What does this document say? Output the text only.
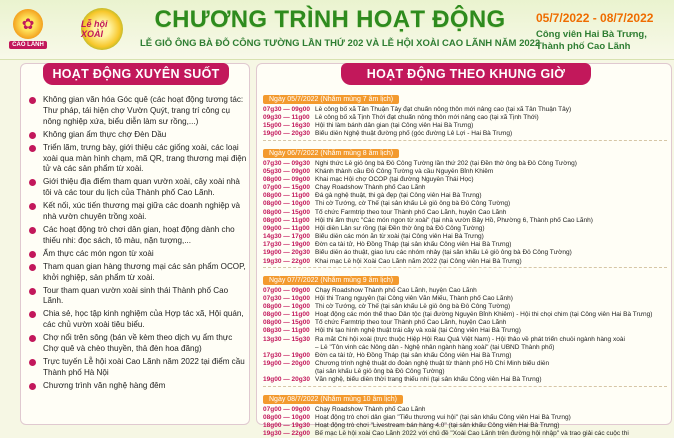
✿
CAO LÃNH
Lễ hội XOÀI
CHƯƠNG TRÌNH HOẠT ĐỘNG
LỄ GIỖ ÔNG BÀ ĐỖ CÔNG TƯỜNG LẦN THỨ 202 VÀ LỄ HỘI XOÀI CAO LÃNH NĂM 2022
05/7/2022 - 08/7/2022
Công viên Hai Bà Trưng,
Thành phố Cao Lãnh
HOẠT ĐỘNG XUYÊN SUỐT
Không gian văn hóa Góc quê (các hoạt động tương tác: Thư pháp, tái hiện chợ Vườn Quýt, trang trí công cụ nông nghiệp xứa, biểu diễn làm sư rồng,...)
Không gian ẩm thực chợ Đèn Dầu
Triển lãm, trưng bày, giới thiệu các giống xoài, các loại xoài qua màn hình chạm, mã QR, trang thương mại điện tử và các sản phẩm từ xoài.
Giới thiệu địa điểm tham quan vườn xoài, cây xoài nhà tôi và các tour du lịch của Thành phố Cao Lãnh.
Kết nối, xúc tiến thương mại giữa các doanh nghiệp và nhà vườn chuyên trồng xoài.
Các hoạt động trò chơi dân gian, hoạt động dành cho thiếu nhi: đọc sách, tô màu, nặn tượng,...
Ẩm thực các món ngon từ xoài
Tham quan gian hàng thương mại các sản phẩm OCOP, khởi nghiệp, sản phẩm từ xoài.
Tour tham quan vườn xoài sinh thái Thành phố Cao Lãnh.
Chia sẻ, học tập kinh nghiệm của Hợp tác xã, Hội quán, các chủ vườn xoài tiêu biểu.
Chợ nổi trên sông (bán về kèm theo dịch vụ ẩm thực Chợ quê và chèo thuyền, thả đèn hoa đăng)
Trực tuyến Lễ hội xoài Cao Lãnh năm 2022 tại điểm cầu Thành phố Hà Nội
Chương trình văn nghệ hàng đêm
HOẠT ĐỘNG THEO KHUNG GIỜ
Ngày 05/7/2022 (Nhằm mùng 7 âm lịch)
07g30 — 09g00 Lễ công bố xã Tân Thuận Tây đạt chuẩn nông thôn mới nâng cao (tại xã Tân Thuận Tây)
09g30 — 11g00 Lễ công bố xã Tịnh Thới đạt chuẩn nông thôn mới nâng cao (tại xã Tịnh Thới)
15g00 — 16g30 Hội thi làm bánh dân gian (tại Công viên Hai Bà Trưng)
19g00 — 20g30 Biểu diễn Nghệ thuật đường phố (góc đường Lê Lợi - Hai Bà Trưng)
Ngày 06/7/2022 (Nhằm mùng 8 âm lịch)
07g30 — 09g30 Nghi thức Lễ giỗ ông bà Đỗ Công Tường lần thứ 202 (tại Đền thờ ông bà Đỗ Công Tường)
05g30 — 09g00 Khánh thành cầu Đỗ Công Tường và cầu Nguyễn Bỉnh Khiêm
08g00 — 09g00 Khai mạc Hội chợ OCOP (tại đường Nguyễn Thái Học)
07g00 — 15g00 Chạy Roadshow Thành phố Cao Lãnh
08g00 — 11g00 Đá gà nghệ thuật, thi gà đẹp (tại Công viên Hai Bà Trưng)
08g00 — 10g00 Thi cờ Tướng, cờ Thế (tại sân khấu Lễ giỗ ông bà Đỗ Công Tường)
08g00 — 15g00 Tổ chức Farmtrip theo tour Thành phố Cao Lãnh, huyện Cao Lãnh
08g00 — 11g00 Hội thi ẩm thực "Các món ngon từ xoài" (tại nhà vườn Bảy Hồ, Phường 6, Thành phố Cao Lãnh)
09g00 — 11g00 Hội diễn Lân sư rồng (tại Đền thờ ông bà Đỗ Công Tường)
14g30 — 17g00 Biểu diễn các món ăn từ xoài (tại Công viên Hai Bà Trưng)
17g30 — 19g00 Đờn ca tài tử, Hò Đồng Tháp (tại sân khấu Công viên Hai Bà Trưng)
19g00 — 20g30 Biểu diễn áo thuật, giao lưu các nhóm nhảy (tại sân khấu Lễ giỗ ông bà Đỗ Công Tường)
19g30 — 22g00 Khai mạc Lễ hội Xoài Cao Lãnh năm 2022 (tại Công viên Hai Bà Trưng)
Ngày 07/7/2022 (Nhằm mùng 9 âm lịch)
07g00 — 09g00 Chạy Roadshow Thành phố Cao Lãnh, huyện Cao Lãnh
07g30 — 10g00 Hội thi Trang nguyên (tại Công viên Văn Miếu, Thành phố Cao Lãnh)
08g00 — 10g00 Thi cờ Tướng, cờ Thế (tại sân khấu Lễ giỗ ông bà Đỗ Công Tường)
08g00 — 11g00 Hoạt động các món thể thao Dân tộc (tại đường Nguyễn Bỉnh Khiêm) - Hội thi chọi chim (tại Công viên Hai Bà Trưng)
08g00 — 15g00 Tổ chức Farmtrip theo tour Thành phố Cao Lãnh, huyện Cao Lãnh
08g30 — 11g00 Hội thi tạo hình nghệ thuật trái cây và xoài (tại Công viên Hai Bà Trưng)
13g30 — 15g30 Ra mắt Chi hội xoài (trực thuộc Hiệp Hội Rau Quả Việt Nam) - Hội thảo về phát triển chuỗi ngành hàng xoài
– Lễ "Tôn vinh các Nông dân - Nghệ nhân ngành hàng xoài" (tại UBND Thành phố)
17g30 — 19g00 Đờn ca tài tử, Hò Đồng Tháp (tại sân khấu Công viên Hai Bà Trưng)
19g00 — 20g00 Chương trình nghệ thuật do đoàn nghệ thuật từ thành phố Hồ Chí Minh biểu diễn
(tại sân khấu Lễ giỗ ông bà Đỗ Công Tường)
19g00 — 20g30 Văn nghệ, biểu diễn thời trang thiếu nhi (tại sân khấu Công viên Hai Bà Trưng)
Ngày 08/7/2022 (Nhằm mùng 10 âm lịch)
07g00 — 09g00 Chạy Roadshow Thành phố Cao Lãnh
08g00 — 10g00 Hoạt động trò chơi dân gian "Tiểu thương vui hội" (tại sân khấu Công viên Hai Bà Trưng)
18g00 — 19g30 Hoạt động trò chơi "Livestream bán hàng 4.0" (tại sân khấu Công viên Hai Bà Trưng)
19g30 — 22g00 Bế mạc Lễ hội xoài Cao Lãnh 2022 với chủ đề "Xoài Cao Lãnh trên đường hội nhập" và trao giải các cuộc thi
